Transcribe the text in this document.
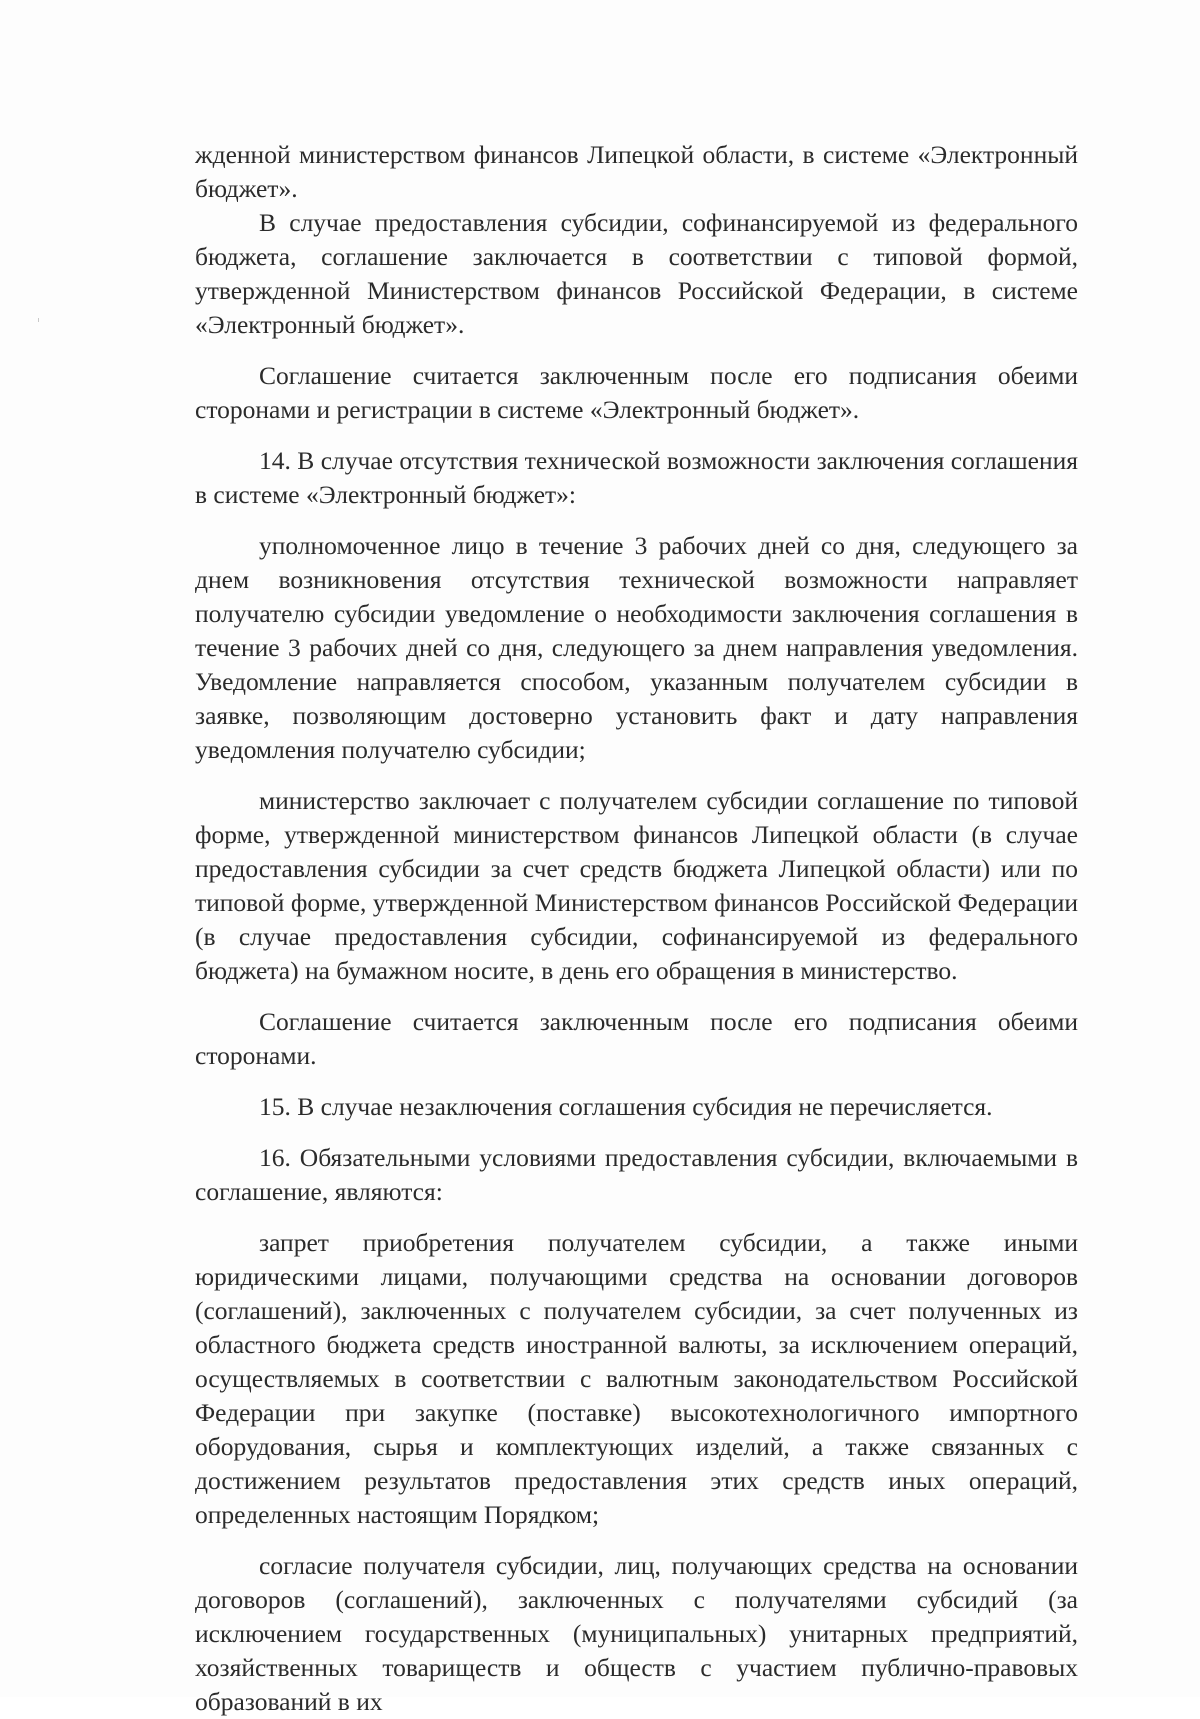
жденной министерством финансов Липецкой области, в системе «Электронный бюджет».

В случае предоставления субсидии, софинансируемой из федерального бюджета, соглашение заключается в соответствии с типовой формой, утвержденной Министерством финансов Российской Федерации, в системе «Электронный бюджет».

Соглашение считается заключенным после его подписания обеими сторонами и регистрации в системе «Электронный бюджет».

14. В случае отсутствия технической возможности заключения соглашения в системе «Электронный бюджет»:

уполномоченное лицо в течение 3 рабочих дней со дня, следующего за днем возникновения отсутствия технической возможности направляет получателю субсидии уведомление о необходимости заключения соглашения в течение 3 рабочих дней со дня, следующего за днем направления уведомления. Уведомление направляется способом, указанным получателем субсидии в заявке, позволяющим достоверно установить факт и дату направления уведомления получателю субсидии;

министерство заключает с получателем субсидии соглашение по типовой форме, утвержденной министерством финансов Липецкой области (в случае предоставления субсидии за счет средств бюджета Липецкой области) или по типовой форме, утвержденной Министерством финансов Российской Федерации (в случае предоставления субсидии, софинансируемой из федерального бюджета) на бумажном носите, в день его обращения в министерство.

Соглашение считается заключенным после его подписания обеими сторонами.

15. В случае незаключения соглашения субсидия не перечисляется.

16. Обязательными условиями предоставления субсидии, включаемыми в соглашение, являются:

запрет приобретения получателем субсидии, а также иными юридическими лицами, получающими средства на основании договоров (соглашений), заключенных с получателем субсидии, за счет полученных из областного бюджета средств иностранной валюты, за исключением операций, осуществляемых в соответствии с валютным законодательством Российской Федерации при закупке (поставке) высокотехнологичного импортного оборудования, сырья и комплектующих изделий, а также связанных с достижением результатов предоставления этих средств иных операций, определенных настоящим Порядком;

согласие получателя субсидии, лиц, получающих средства на основании договоров (соглашений), заключенных с получателями субсидий (за исключением государственных (муниципальных) унитарных предприятий, хозяйственных товариществ и обществ с участием публично-правовых образований в их
